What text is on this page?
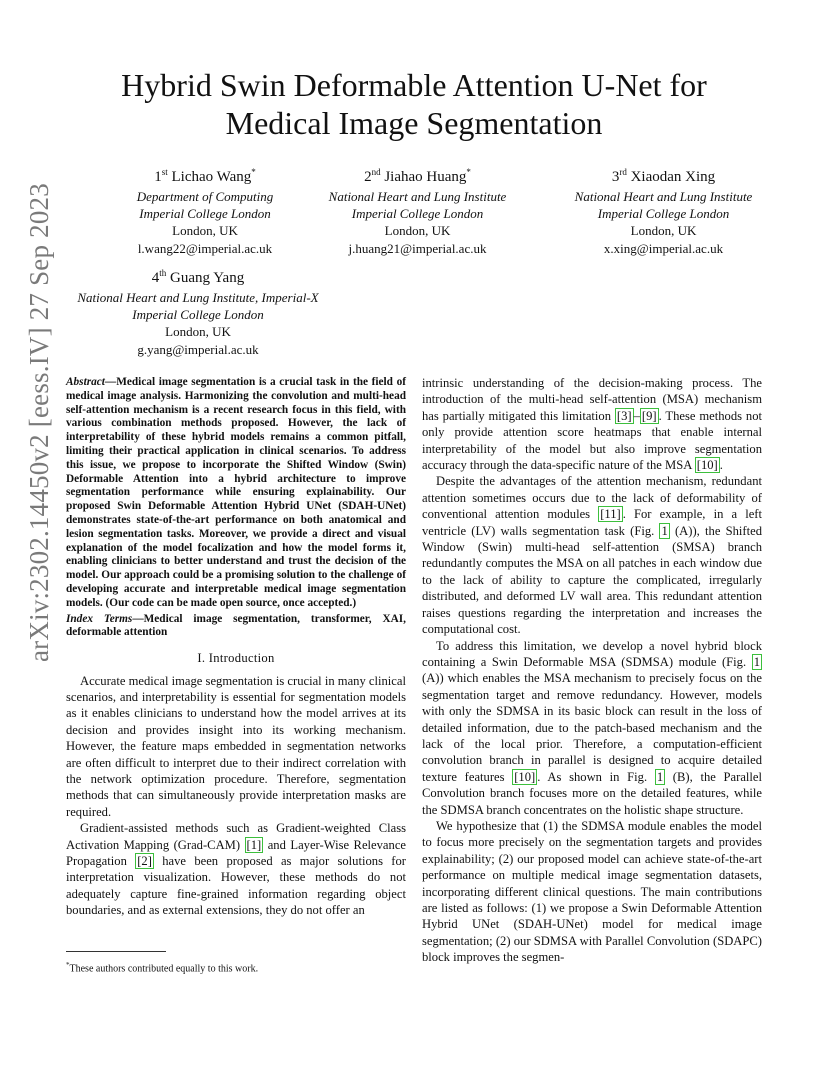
arXiv:2302.14450v2 [eess.IV] 27 Sep 2023
Hybrid Swin Deformable Attention U-Net for
Medical Image Segmentation
1st Lichao Wang*
Department of Computing
Imperial College London
London, UK
l.wang22@imperial.ac.uk
2nd Jiahao Huang*
National Heart and Lung Institute
Imperial College London
London, UK
j.huang21@imperial.ac.uk
3rd Xiaodan Xing
National Heart and Lung Institute
Imperial College London
London, UK
x.xing@imperial.ac.uk
4th Guang Yang
National Heart and Lung Institute, Imperial-X
Imperial College London
London, UK
g.yang@imperial.ac.uk
Abstract—Medical image segmentation is a crucial task in the field of medical image analysis. Harmonizing the convolution and multi-head self-attention mechanism is a recent research focus in this field, with various combination methods proposed. However, the lack of interpretability of these hybrid models remains a common pitfall, limiting their practical application in clinical scenarios. To address this issue, we propose to incorporate the Shifted Window (Swin) Deformable Attention into a hybrid architecture to improve segmentation performance while ensuring explainability. Our proposed Swin Deformable Attention Hybrid UNet (SDAH-UNet) demonstrates state-of-the-art performance on both anatomical and lesion segmentation tasks. Moreover, we provide a direct and visual explanation of the model focalization and how the model forms it, enabling clinicians to better understand and trust the decision of the model. Our approach could be a promising solution to the challenge of developing accurate and interpretable medical image segmentation models. (Our code can be made open source, once accepted.)
Index Terms—Medical image segmentation, transformer, XAI, deformable attention
I. Introduction

Accurate medical image segmentation is crucial in many clinical scenarios, and interpretability is essential for segmentation models as it enables clinicians to understand how the model arrives at its decision and provides insight into its working mechanism. However, the feature maps embedded in segmentation networks are often difficult to interpret due to their indirect correlation with the network optimization procedure. Therefore, segmentation methods that can simultaneously provide interpretation masks are required.

Gradient-assisted methods such as Gradient-weighted Class Activation Mapping (Grad-CAM) [1] and Layer-Wise Relevance Propagation [2] have been proposed as major solutions for interpretation visualization. However, these methods do not adequately capture fine-grained information regarding object boundaries, and as external extensions, they do not offer an

intrinsic understanding of the decision-making process. The introduction of the multi-head self-attention (MSA) mechanism has partially mitigated this limitation [3] – [9] . These methods not only provide attention score heatmaps that enable internal interpretability of the model but also improve segmentation accuracy through the data-specific nature of the MSA [10] .

Despite the advantages of the attention mechanism, redundant attention sometimes occurs due to the lack of deformability of conventional attention modules [11] . For example, in a left ventricle (LV) walls segmentation task (Fig. 1 (A)), the Shifted Window (Swin) multi-head self-attention (SMSA) branch redundantly computes the MSA on all patches in each window due to the lack of ability to capture the complicated, irregularly distributed, and deformed LV wall area. This redundant attention raises questions regarding the interpretation and increases the computational cost.

To address this limitation, we develop a novel hybrid block containing a Swin Deformable MSA (SDMSA) module (Fig. 1 (A)) which enables the MSA mechanism to precisely focus on the segmentation target and remove redundancy. However, models with only the SDMSA in its basic block can result in the loss of detailed information, due to the patch-based mechanism and the lack of the local prior. Therefore, a computation-efficient convolution branch in parallel is designed to acquire detailed texture features [10] . As shown in Fig. 1 (B), the Parallel Convolution branch focuses more on the detailed features, while the SDMSA branch concentrates on the holistic shape structure.

We hypothesize that (1) the SDMSA module enables the model to focus more precisely on the segmentation targets and provides explainability; (2) our proposed model can achieve state-of-the-art performance on multiple medical image segmentation datasets, incorporating different clinical questions. The main contributions are listed as follows: (1) we propose a Swin Deformable Attention Hybrid UNet (SDAH-UNet) model for medical image segmentation; (2) our SDMSA with Parallel Convolution (SDAPC) block improves the segmen-

*These authors contributed equally to this work.
